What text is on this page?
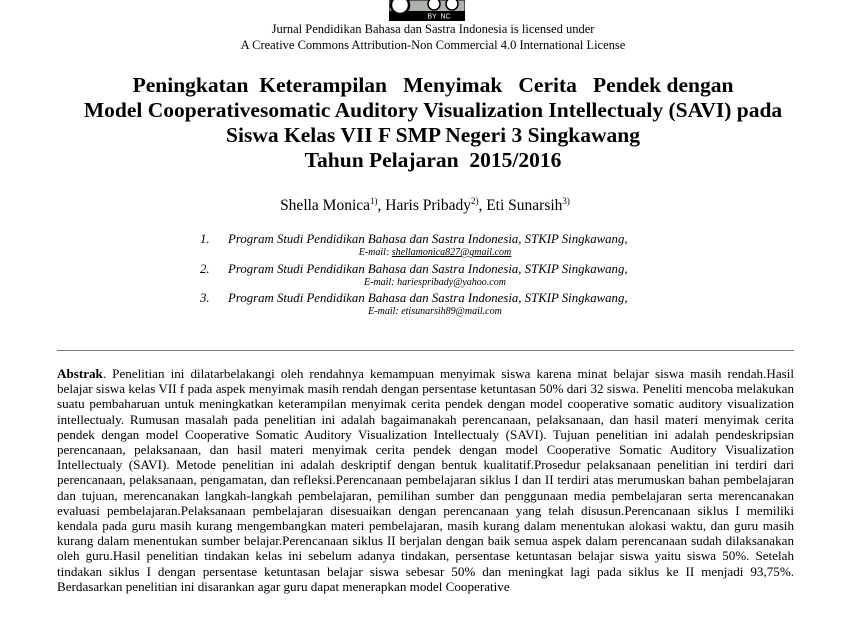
BY  NC
Jurnal Pendidikan Bahasa dan Sastra Indonesia is licensed under
A Creative Commons Attribution-Non Commercial 4.0 International License
Peningkatan  Keterampilan   Menyimak   Cerita   Pendek dengan
Model Cooperativesomatic Auditory Visualization Intellectualy (SAVI) pada
Siswa Kelas VII F SMP Negeri 3 Singkawang
Tahun Pelajaran  2015/2016
Shella Monica$^{1)}$, Haris Pribady$^{2)}$, Eti Sunarsih$^{3)}$
1. Program Studi Pendidikan Bahasa dan Sastra Indonesia, STKIP Singkawang,
E-mail: shellamonica827@gmail.com
2. Program Studi Pendidikan Bahasa dan Sastra Indonesia, STKIP Singkawang,
E-mail: hariespribady@yahoo.com
3. Program Studi Pendidikan Bahasa dan Sastra Indonesia, STKIP Singkawang,
E-mail: etisunarsih89@mail.com

Abstrak. Penelitian ini dilatarbelakangi oleh rendahnya kemampuan menyimak siswa karena minat belajar siswa masih rendah.Hasil belajar siswa kelas VII f pada aspek menyimak masih rendah dengan persentase ketuntasan 50% dari 32 siswa. Peneliti mencoba melakukan suatu pembaharuan untuk meningkatkan keterampilan menyimak cerita pendek dengan model cooperative somatic auditory visualization intellectualy. Rumusan masalah pada penelitian ini adalah bagaimanakah perencanaan, pelaksanaan, dan hasil materi menyimak cerita pendek dengan model Cooperative Somatic Auditory Visualization Intellectualy (SAVI). Tujuan penelitian ini adalah pendeskripsian perencanaan, pelaksanaan, dan hasil materi menyimak cerita pendek dengan model Cooperative Somatic Auditory Visualization Intellectualy (SAVI). Metode penelitian ini adalah deskriptif dengan bentuk kualitatif.Prosedur pelaksanaan penelitian ini terdiri dari perencanaan, pelaksanaan, pengamatan, dan refleksi.Perencanaan pembelajaran siklus I dan II terdiri atas merumuskan bahan pembelajaran dan tujuan, merencanakan langkah-langkah pembelajaran, pemilihan sumber dan penggunaan media pembelajaran serta merencanakan evaluasi pembelajaran.Pelaksanaan pembelajaran disesuaikan dengan perencanaan yang telah disusun.Perencanaan siklus I memiliki kendala pada guru masih kurang mengembangkan materi pembelajaran, masih kurang dalam menentukan alokasi waktu, dan guru masih kurang dalam menentukan sumber belajar.Perencanaan siklus II berjalan dengan baik semua aspek dalam perencanaan sudah dilaksanakan oleh guru.Hasil penelitian tindakan kelas ini sebelum adanya tindakan, persentase ketuntasan belajar siswa yaitu siswa 50%. Setelah tindakan siklus I dengan persentase ketuntasan belajar siswa sebesar 50% dan meningkat lagi pada siklus ke II menjadi 93,75%. Berdasarkan penelitian ini disarankan agar guru dapat menerapkan model Cooperative
